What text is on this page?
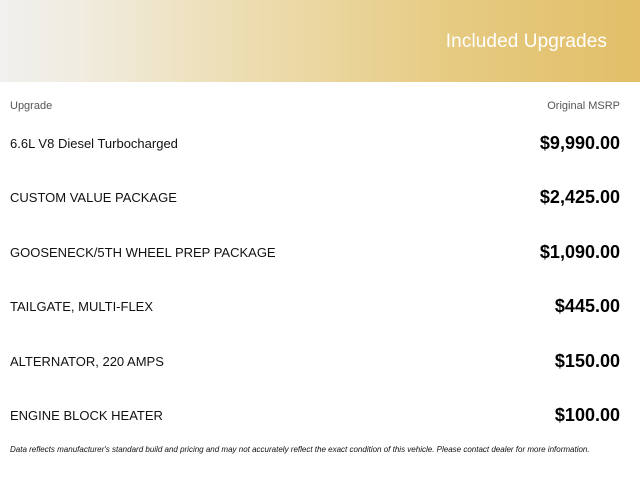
Included Upgrades
Upgrade	Original MSRP
6.6L V8 Diesel Turbocharged	$9,990.00
CUSTOM VALUE PACKAGE	$2,425.00
GOOSENECK/5TH WHEEL PREP PACKAGE	$1,090.00
TAILGATE, MULTI-FLEX	$445.00
ALTERNATOR, 220 AMPS	$150.00
ENGINE BLOCK HEATER	$100.00
Data reflects manufacturer's standard build and pricing and may not accurately reflect the exact condition of this vehicle. Please contact dealer for more information.
